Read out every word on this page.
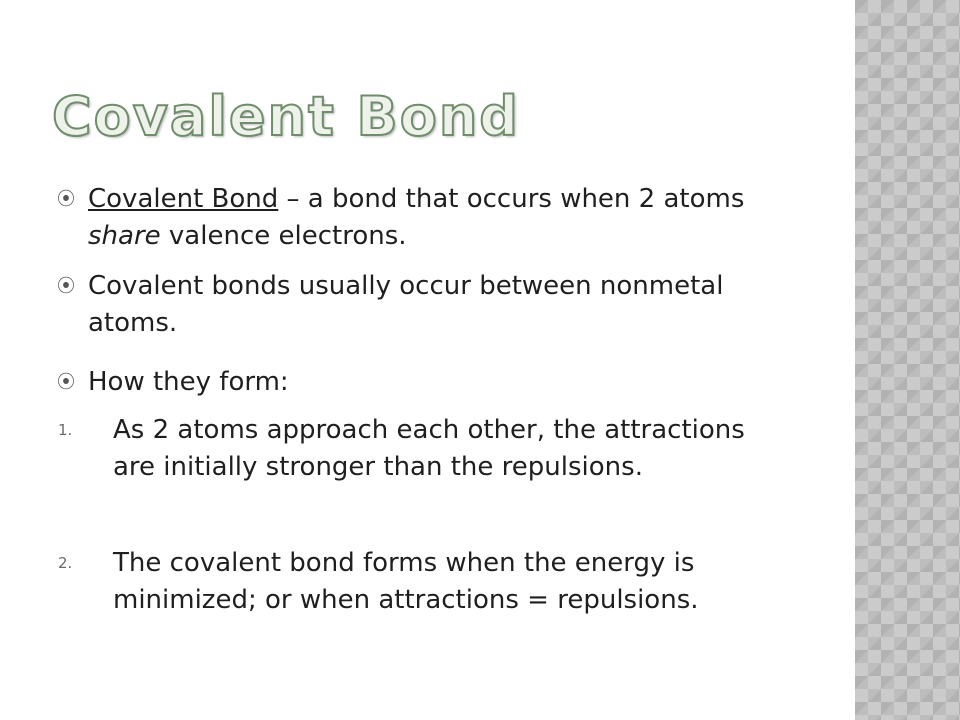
Covalent Bond
⦿ Covalent Bond – a bond that occurs when 2 atoms share valence electrons.
⦿ Covalent bonds usually occur between nonmetal atoms.
⦿ How they form:
1.	As 2 atoms approach each other, the attractions are initially stronger than the repulsions.
2.	The covalent bond forms when the energy is minimized; or when attractions = repulsions.
